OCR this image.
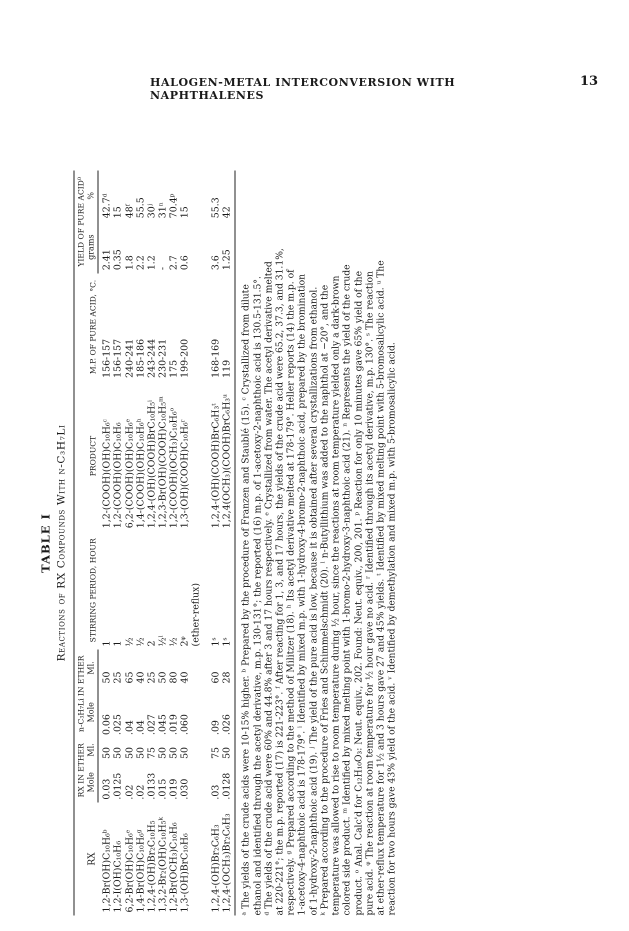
HALOGEN-METAL INTERCONVERSION WITH NAPHTHALENES
13
TABLE I Reactions of RX Compounds With n-C₃H₇Li
RX	RX IN ETHER		n-C₃H₇Li IN ETHER		STIRRING PERIOD, HOUR	PRODUCT	M.P. OF PURE ACID, °C.	YIELD OF PURE ACID⁰	
	Mole	Ml.	Mole	Ml.				grams	%
1,2-Br(OH)C₁₀H₆ᵇ	0.03	50	0.06	50	1	1,2-(COOH)(OH)C₁₀H₆ᶜ	156-157	2.41	42.7ᵈ
1,2-I(OH)C₁₀H₆	.0125	50	.025	25	1	1,2-(COOH)(OH)C₁₀H₆	156-157	0.35	15
6,2-Br(OH)C₁₀H₆ᵉ	.02	50	.04	65	½	6,2-(COOH)(OH)C₁₀H₆ᵉ	240-241	1.8	48ᶠ
1,4-Br(OH)C₁₀H₆ᵍ	.02	50	.04	40	½	1,4-(COOH)(OH)C₁₀H₆ʰ	185-186	2.2	55.5
1,2,4-(OH)Br₂C₁₀H₅	.0133	75	.027	25	2	1,2,4-(OH)(COOH)BrC₁₀H₅ⁱ	243-244	1.2	30ʲ
1,3,2-Br₂(OH)C₁₀H₅ᵏ	.015	50	.045	50	½ˡ	1,2,3-Br(OH)(COOH)C₁₀H₅ᵐ	230-231	-	31ⁿ
1,2-Br(OCH₃)C₁₀H₆	.019	50	.019	80	½	1,2-(COOH)(OCH₃)C₁₀H₆ᵒ	175	2.7	70.4ᵖ
1,3-(OH)BrC₁₀H₆	.030	50	.060	40	2ᵠ	1,3-(OH)(COOH)C₁₀H₆ʳ	199-200	0.6	15
					(ether-reflux)				
1,2,4-(OH)Br₂C₆H₃	.03	75	.09	60	1ˢ	1,2,4-(OH)(COOH)BrC₆H₃ᵗ	168-169	3.6	55.3
1,2,4-(OCH₃)Br₂C₆H₃	.0128	50	.026	28	1ˢ	1,2,4(OCH₃)(COOH)BrC₆H₃ᵘ	119	1.25	42
ᵃ The yields of the crude acids were 10-15% higher. ᵇ Prepared by the procedure of Franzen and Staublé (15). ᶜ Crystallized from dilute ethanol and identified through the acetyl derivative, m.p. 130-131°; the reported (16) m.p. of 1-acetoxy-2-naphthoic acid is 130.5-131.5°. ᵈ The yields of the crude acid were 60% and 44.8% after 3 and 17 hours respectively. ᵉ Crystallized from water. The acetyl derivative melted at 220-221°; the m.p. reported (17) is 221-223°. ᶠ After reacting for 1, 3, and 17 hours, the yields of the crude acid were 65.2, 37.3, and 31.1%, respectively. ᵍ Prepared according to the method of Militzer (18). ʰ Its acetyl derivative melted at 178-179°. Heller reports (14) the m.p. of 1-acetoxy-4-naphthoic acid is 178-179°. ⁱ Identified by mixed m.p. with 1-hydroxy-4-bromo-2-naphthoic acid, prepared by the bromination of 1-hydroxy-2-naphthoic acid (19). ʲ The yield of the pure acid is low, because it is obtained after several crystallizations from ethanol. ᵏ Prepared according to the procedure of Fries and Schimmelschmidt (20). ˡ n-Butyllithium was added to the naphthol at −20°, and the temperature was allowed to rise to room temperature during ½ hour, since the reactions at room temperature yielded only a dark-brown colored side product. ᵐ Identified by mixed melting point with 1-bromo-2-hydroxy-3-naphthoic acid (21). ⁿ Represents the yield of the crude product. ᵒ Anal. Calc'd for C₁₂H₁₀O₃: Neut. equiv., 202. Found: Neut. equiv., 200, 201. ᵖ Reaction for only 10 minutes gave 65% yield of the pure acid. ᵠ The reaction at room temperature for ½ hour gave no acid. ʳ Identified through its acetyl derivative, m.p. 130°. ˢ The reaction at ether-reflux temperature for 1½ and 3 hours gave 27 and 45% yields. ᵗ Identified by mixed melting point with 5-bromosalicylic acid. ᵘ The reaction for two hours gave 43% yield of the acid. ᵛ Identified by demethylation and mixed m.p. with 5-bromosalicylic acid.
